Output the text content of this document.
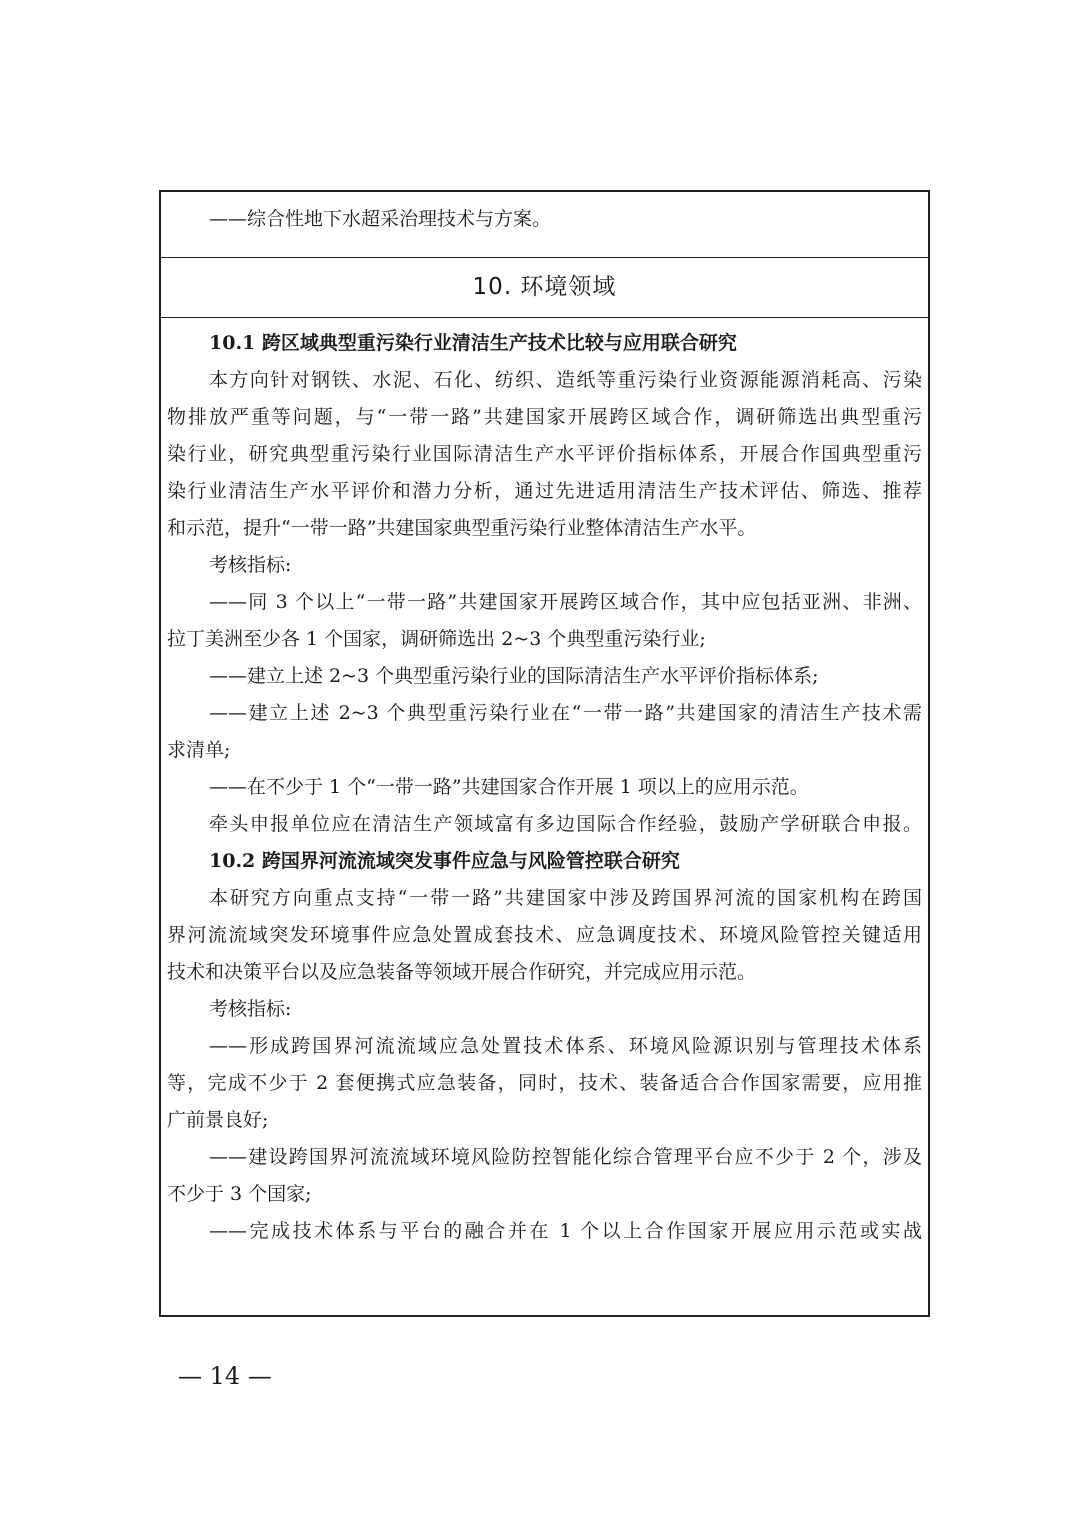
——综合性地下水超采治理技术与方案。
10. 环境领域
10.1 跨区域典型重污染行业清洁生产技术比较与应用联合研究
本方向针对钢铁、水泥、石化、纺织、造纸等重污染行业资源能源消耗高、污染
物排放严重等问题，与“一带一路”共建国家开展跨区域合作，调研筛选出典型重污
染行业，研究典型重污染行业国际清洁生产水平评价指标体系，开展合作国典型重污
染行业清洁生产水平评价和潜力分析，通过先进适用清洁生产技术评估、筛选、推荐
和示范，提升“一带一路”共建国家典型重污染行业整体清洁生产水平。
考核指标:
——同 3 个以上“一带一路”共建国家开展跨区域合作，其中应包括亚洲、非洲、
拉丁美洲至少各 1 个国家，调研筛选出 2~3 个典型重污染行业;
——建立上述 2~3 个典型重污染行业的国际清洁生产水平评价指标体系;
——建立上述 2~3 个典型重污染行业在“一带一路”共建国家的清洁生产技术需
求清单;
——在不少于 1 个“一带一路”共建国家合作开展 1 项以上的应用示范。
牵头申报单位应在清洁生产领域富有多边国际合作经验，鼓励产学研联合申报。
10.2 跨国界河流流域突发事件应急与风险管控联合研究
本研究方向重点支持“一带一路”共建国家中涉及跨国界河流的国家机构在跨国
界河流流域突发环境事件应急处置成套技术、应急调度技术、环境风险管控关键适用
技术和决策平台以及应急装备等领域开展合作研究，并完成应用示范。
考核指标:
——形成跨国界河流流域应急处置技术体系、环境风险源识别与管理技术体系
等，完成不少于 2 套便携式应急装备，同时，技术、装备适合合作国家需要，应用推
广前景良好;
——建设跨国界河流流域环境风险防控智能化综合管理平台应不少于 2 个，涉及
不少于 3 个国家;
——完成技术体系与平台的融合并在 1 个以上合作国家开展应用示范或实战
— 14 —
